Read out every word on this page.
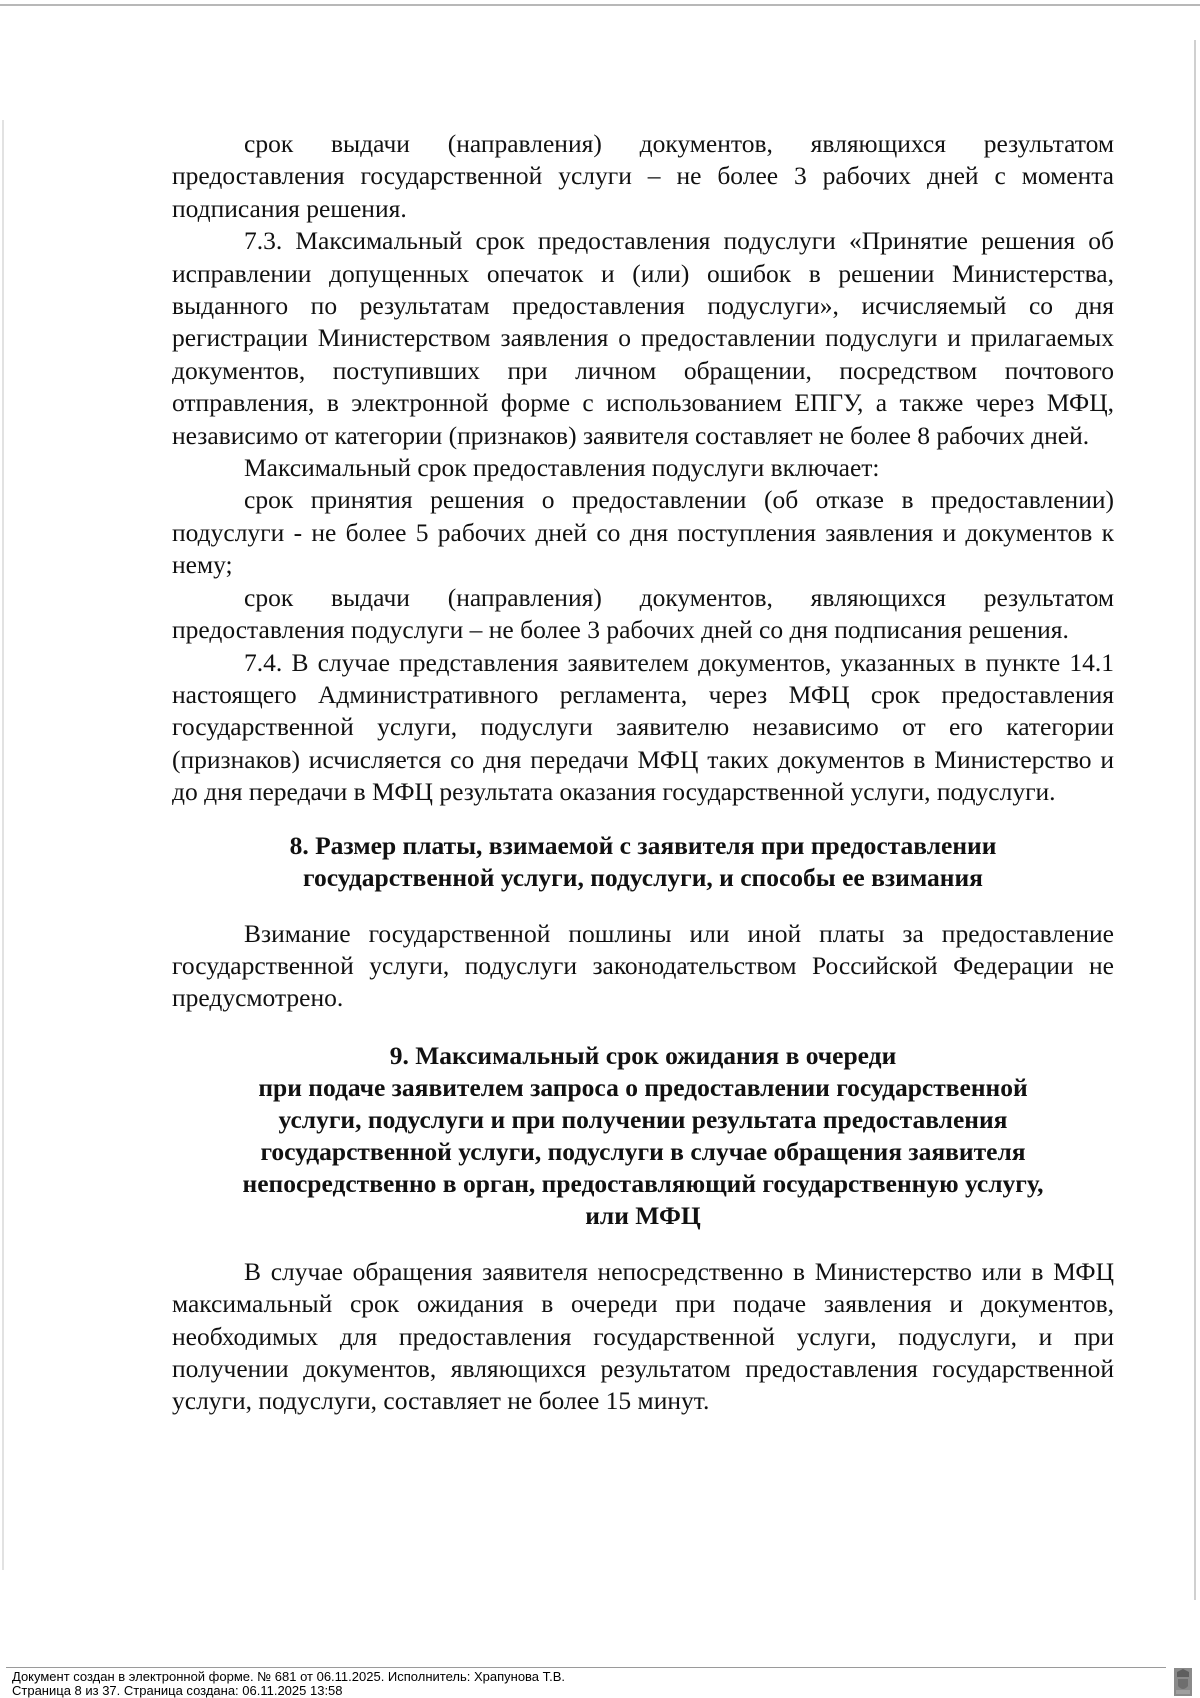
срок выдачи (направления) документов, являющихся результатом предоставления государственной услуги – не более 3 рабочих дней с момента подписания решения.

7.3. Максимальный срок предоставления подуслуги «Принятие решения об исправлении допущенных опечаток и (или) ошибок в решении Министерства, выданного по результатам предоставления подуслуги», исчисляемый со дня регистрации Министерством заявления о предоставлении подуслуги и прилагаемых документов, поступивших при личном обращении, посредством почтового отправления, в электронной форме с использованием ЕПГУ, а также через МФЦ, независимо от категории (признаков) заявителя составляет не более 8 рабочих дней.

Максимальный срок предоставления подуслуги включает:

срок принятия решения о предоставлении (об отказе в предоставлении) подуслуги - не более 5 рабочих дней со дня поступления заявления и документов к нему;

срок выдачи (направления) документов, являющихся результатом предоставления подуслуги – не более 3 рабочих дней со дня подписания решения.

7.4. В случае представления заявителем документов, указанных в пункте 14.1 настоящего Административного регламента, через МФЦ срок предоставления государственной услуги, подуслуги заявителю независимо от его категории (признаков) исчисляется со дня передачи МФЦ таких документов в Министерство и до дня передачи в МФЦ результата оказания государственной услуги, подуслуги.

8. Размер платы, взимаемой с заявителя при предоставлении
государственной услуги, подуслуги, и способы ее взимания

Взимание государственной пошлины или иной платы за предоставление государственной услуги, подуслуги законодательством Российской Федерации не предусмотрено.

9. Максимальный срок ожидания в очереди
при подаче заявителем запроса о предоставлении государственной
услуги, подуслуги и при получении результата предоставления
государственной услуги, подуслуги в случае обращения заявителя
непосредственно в орган, предоставляющий государственную услугу,
или МФЦ

В случае обращения заявителя непосредственно в Министерство или в МФЦ максимальный срок ожидания в очереди при подаче заявления и документов, необходимых для предоставления государственной услуги, подуслуги, и при получении документов, являющихся результатом предоставления государственной услуги, подуслуги, составляет не более 15 минут.

Документ создан в электронной форме. № 681 от 06.11.2025. Исполнитель: Храпунова Т.В.
Страница 8 из 37. Страница создана: 06.11.2025 13:58
